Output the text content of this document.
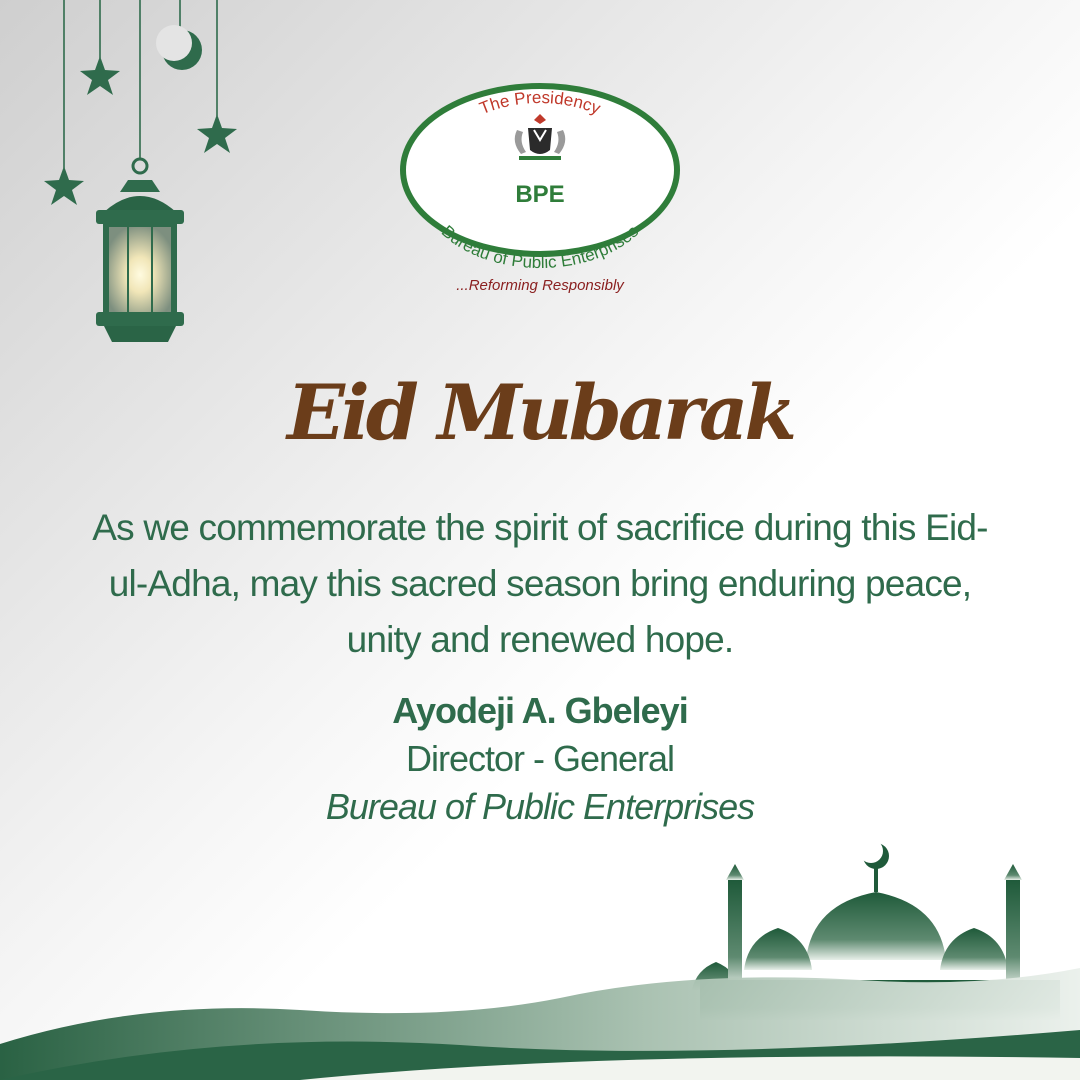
The Presidency
BPE
Bureau of Public Enterprises
...Reforming Responsibly
Eid Mubarak
As we commemorate the spirit of sacrifice during this Eid-ul-Adha, may this sacred season bring enduring peace, unity and renewed hope.
Ayodeji A. Gbeleyi
Director - General
Bureau of Public Enterprises
